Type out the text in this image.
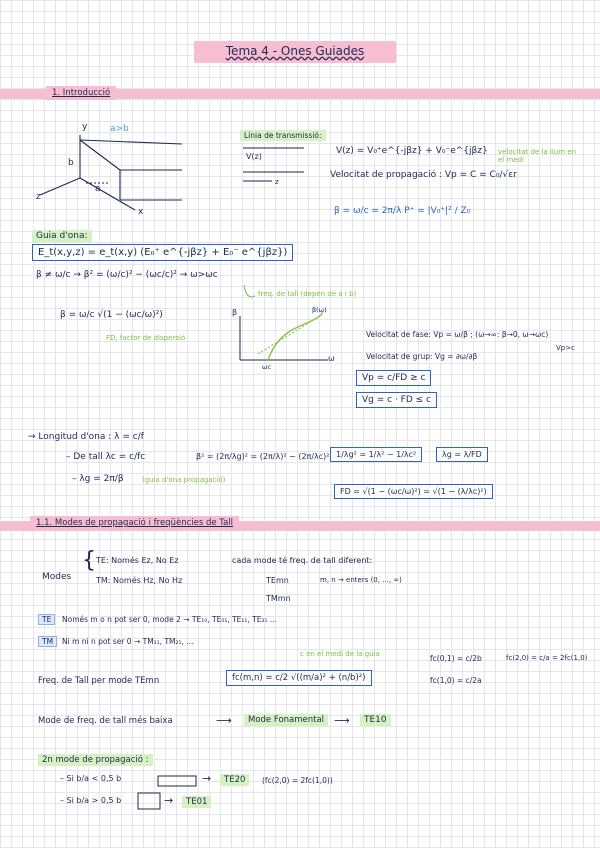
Tema 4 - Ones Guiades
1. Introducció
a>b
b
a
x
y
z
Línia de transmissió:
V(z)
z
V(z) = V₀⁺e^{-jβz} + V₀⁻e^{jβz}
Velocitat de propagació : Vp = C = C₀/√εr
velocitat de la llum en el medi
β = ω/c = 2π/λ P⁺ = |V₀⁺|² / Z₀
Guia d'ona:
E_t(x,y,z) = e_t(x,y) (E₀⁺ e^{-jβz} + E₀⁻ e^{jβz})
β ≠ ω/c → β² = (ω/c)² − (ωc/c)² → ω>ωc
freq. de tall (depèn de a i b)
β = ω/c √(1 − (ωc/ω)²)
FD, factor de dispersió
β
ω
ωc
β(ω)
Velocitat de fase: Vp = ω/β ; (ω→∞: β→0, ω→ωc)
Vp>c
Velocitat de grup: Vg = ∂ω/∂β
Vp = c/FD ≥ c
Vg = c · FD ≤ c
→ Longitud d'ona : λ = c/f
– De tall λc = c/fc
– λg = 2π/β	(guia d'ona propagació)
β² = (2π/λg)² = (2π/λ)² − (2π/λc)² 1/λg² = 1/λ² − 1/λc²	λg = λ/FD
FD = √(1 − (ωc/ω)²) = √(1 − (λ/λc)²)
1.1. Modes de propagació i freqüències de Tall
Modes
{ TE: Només Ez, No Ez
TM: Només Hz, No Hz
cada mode té freq. de tall diferent:
TEmn
TMmn
m, n → enters (0, ..., ∞)
TE	Només m o n pot ser 0, mode 2 → TE₁₀, TE₀₁, TE₁₁, TE₂₁ ...
TM	Ni m ni n pot ser 0 → TM₁₁, TM₂₁, ...
Freq. de Tall per mode TEmn	fc(m,n) = c/2 √((m/a)² + (n/b)²)
c en el medi de la guia	fc(0,1) = c/2b
fc(1,0) = c/2a
fc(2,0) = c/a = 2fc(1,0)
Mode de freq. de tall més baixa	⟶	Mode Fonamental ⟶	TE10
2n mode de propagació :
– Si b/a < 0,5 b	→	TE20	(fc(2,0) = 2fc(1,0))
– Si b/a > 0,5 b	→	TE01
